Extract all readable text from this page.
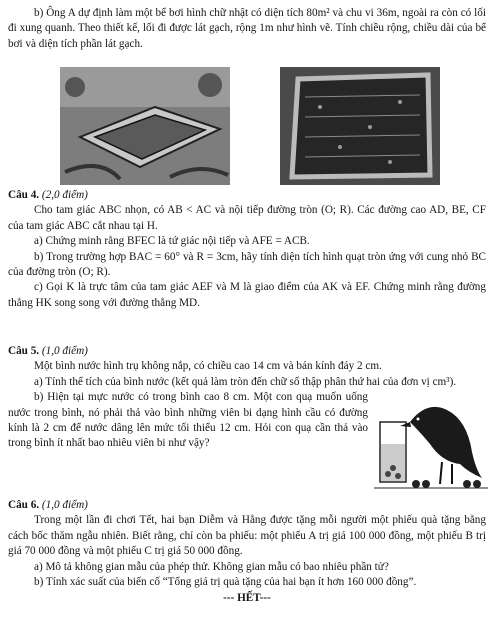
b) Ông A dự định làm một bể bơi hình chữ nhật có diện tích 80m² và chu vi 36m, ngoài ra còn có lối đi xung quanh. Theo thiết kế, lối đi được lát gạch, rộng 1m như hình vẽ. Tính chiều rộng, chiều dài của bể bơi và diện tích phần lát gạch.

Câu 4. (2,0 điểm)

Cho tam giác ABC nhọn, có AB < AC và nội tiếp đường tròn (O; R). Các đường cao AD, BE, CF của tam giác ABC cắt nhau tại H.

a) Chứng minh rằng BFEC là tứ giác nội tiếp và AFE = ACB.

b) Trong trường hợp BAC = 60° và R = 3cm, hãy tính diện tích hình quạt tròn ứng với cung nhỏ BC của đường tròn (O; R).

c) Gọi K là trực tâm của tam giác AEF và M là giao điểm của AK và EF. Chứng minh rằng đường thẳng HK song song với đường thẳng MD.

Câu 5. (1,0 điểm)

Một bình nước hình trụ không nắp, có chiều cao 14 cm và bán kính đáy 2 cm.

a) Tính thể tích của bình nước (kết quả làm tròn đến chữ số thập phân thứ hai của đơn vị cm³).

b) Hiện tại mực nước có trong bình cao 8 cm. Một con quạ muốn uống nước trong bình, nó phải thả vào bình những viên bi dạng hình cầu có đường kính là 2 cm để nước dâng lên mức tối thiểu 12 cm. Hỏi con quạ cần thả vào trong bình ít nhất bao nhiêu viên bi như vậy?

Câu 6. (1,0 điểm)

Trong một lần đi chơi Tết, hai bạn Diễm và Hằng được tặng mỗi người một phiếu quà tặng bằng cách bốc thăm ngẫu nhiên. Biết rằng, chỉ còn ba phiếu: một phiếu A trị giá 100 000 đồng, một phiếu B trị giá 70 000 đồng và một phiếu C trị giá 50 000 đồng.

a) Mô tả không gian mẫu của phép thử. Không gian mẫu có bao nhiêu phần tử?

b) Tính xác suất của biến cố “Tổng giá trị quà tặng của hai bạn ít hơn 160 000 đồng”.

--- HẾT---
